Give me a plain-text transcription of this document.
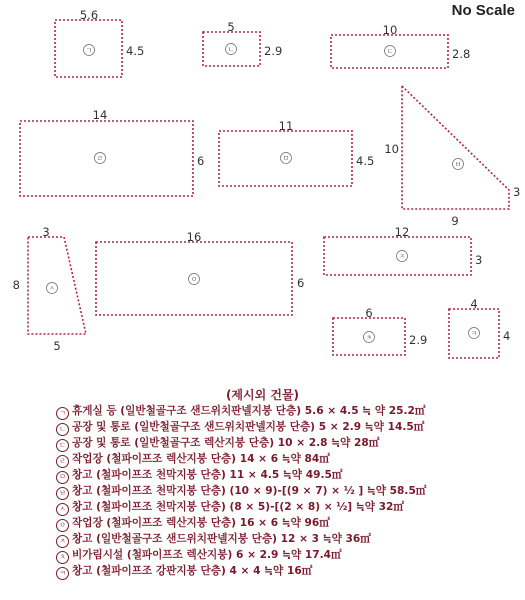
No Scale
ㄱ
5.6
4.5	ㄴ
5
2.9	ㄷ
10
2.8
ㄹ
14
6	ㅁ
11
4.5	ㅂ
10
3
9
ㅅ
3
8
5
ㅇ
16
6
ㅈ
12
3
ㅊ
6
2.9	ㅋ
4
4
(제시외 건물)
ㄱ 휴게실 등 (일반철골구조 샌드위치판넬지붕 단층) 5.6 × 4.5 ≒ 약 25.2㎡
ㄴ 공장 및 통로 (일반철골구조 샌드위치판넬지붕 단층) 5 × 2.9 ≒약 14.5㎡
ㄷ 공장 및 통로 (일반철골구조 렉산지붕 단층) 10 × 2.8 ≒약 28㎡
ㄹ 작업장 (철파이프조 렉산지붕 단층) 14 × 6 ≒약 84㎡
ㅁ 창고 (철파이프조 천막지붕 단층) 11 × 4.5 ≒약 49.5㎡
ㅂ 창고 (철파이프조 천막지붕 단층) (10 × 9)-[(9 × 7) × ½ ] ≒약 58.5㎡
ㅅ 창고 (철파이프조 천막지붕 단층) (8 × 5)-[(2 × 8) × ½] ≒약 32㎡
ㅇ 작업장 (철파이프조 렉산지붕 단층) 16 × 6 ≒약 96㎡
ㅈ 창고 (일반철골구조 샌드위치판넬지붕 단층) 12 × 3 ≒약 36㎡
ㅊ 비가림시설 (철파이프조 렉산지붕) 6 × 2.9 ≒약 17.4㎡
ㅋ 창고 (철파이프조 강판지붕 단층) 4 × 4 ≒약 16㎡
